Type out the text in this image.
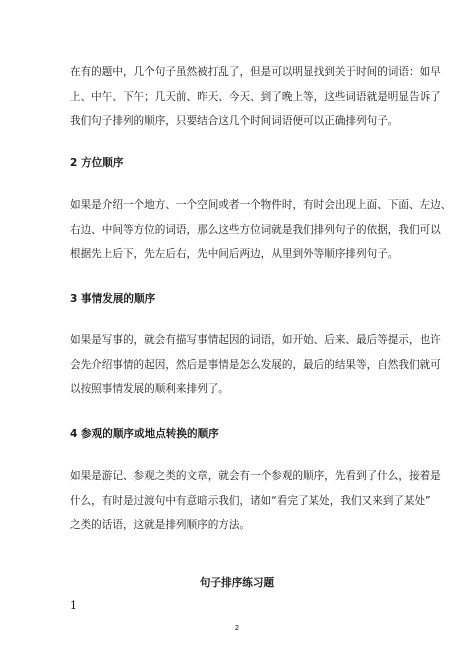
在有的题中，几个句子虽然被打乱了，但是可以明显找到关于时间的词语：如早
上、中午、下午；几天前、昨天、今天、到了晚上等，这些词语就是明显告诉了
我们句子排列的顺序，只要结合这几个时间词语便可以正确排列句子。
2 方位顺序
如果是介绍一个地方、一个空间或者一个物件时，有时会出现上面、下面、左边、
右边、中间等方位的词语，那么这些方位词就是我们排列句子的依据，我们可以
根据先上后下，先左后右，先中间后两边，从里到外等顺序排列句子。
3 事情发展的顺序
如果是写事的，就会有描写事情起因的词语，如开始、后来、最后等提示，也许
会先介绍事情的起因，然后是事情是怎么发展的，最后的结果等，自然我们就可
以按照事情发展的顺利来排列了。
4 参观的顺序或地点转换的顺序
如果是游记、参观之类的文章，就会有一个参观的顺序，先看到了什么，接着是
什么，有时是过渡句中有意暗示我们，诸如“看完了某处，我们又来到了某处”
之类的话语，这就是排列顺序的方法。
句子排序练习题
1
2
